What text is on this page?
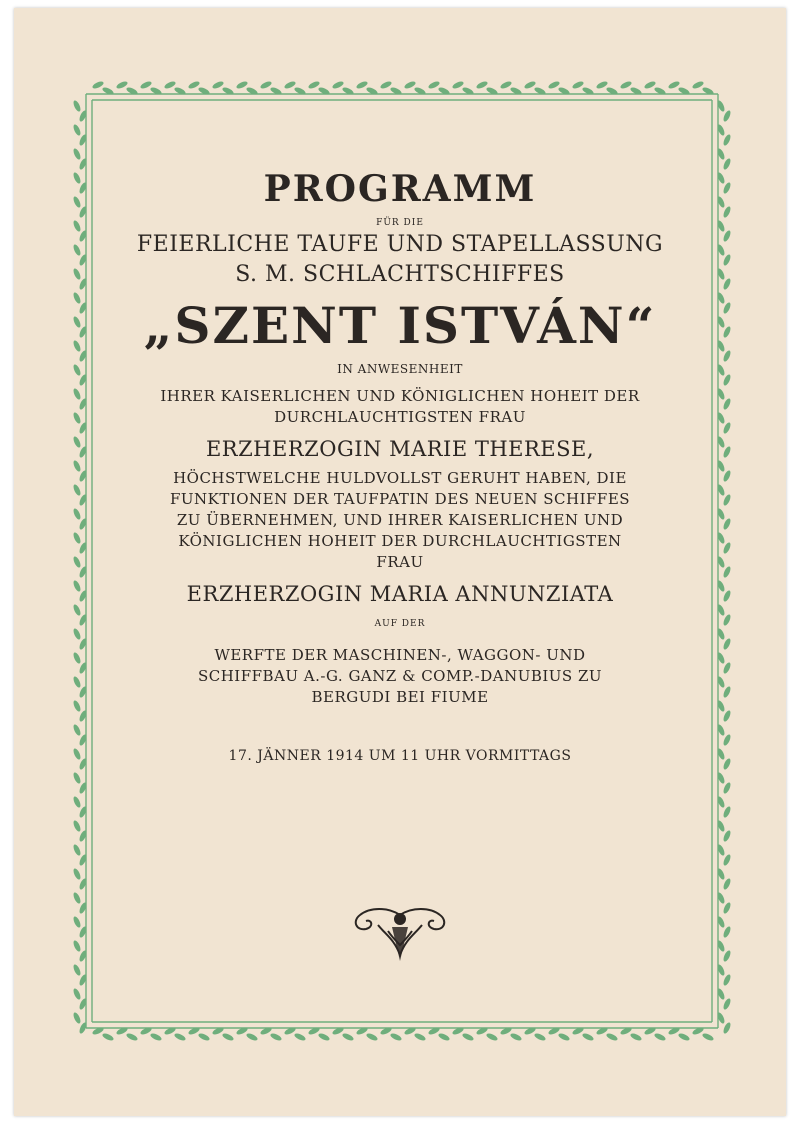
PROGRAMM
FÜR DIE
FEIERLICHE TAUFE UND STAPELLASSUNG
S. M. SCHLACHTSCHIFFES
„SZENT ISTVÁN“
IN ANWESENHEIT
IHRER KAISERLICHEN UND KÖNIGLICHEN HOHEIT DER
DURCHLAUCHTIGSTEN FRAU
ERZHERZOGIN MARIE THERESE,
HÖCHSTWELCHE HULDVOLLST GERUHT HABEN, DIE
FUNKTIONEN DER TAUFPATIN DES NEUEN SCHIFFES
ZU ÜBERNEHMEN, UND IHRER KAISERLICHEN UND
KÖNIGLICHEN HOHEIT DER DURCHLAUCHTIGSTEN
FRAU
ERZHERZOGIN MARIA ANNUNZIATA
AUF DER
WERFTE DER MASCHINEN-, WAGGON- UND
SCHIFFBAU A.-G. GANZ & COMP.-DANUBIUS ZU
BERGUDI BEI FIUME
17. JÄNNER 1914 UM 11 UHR VORMITTAGS
